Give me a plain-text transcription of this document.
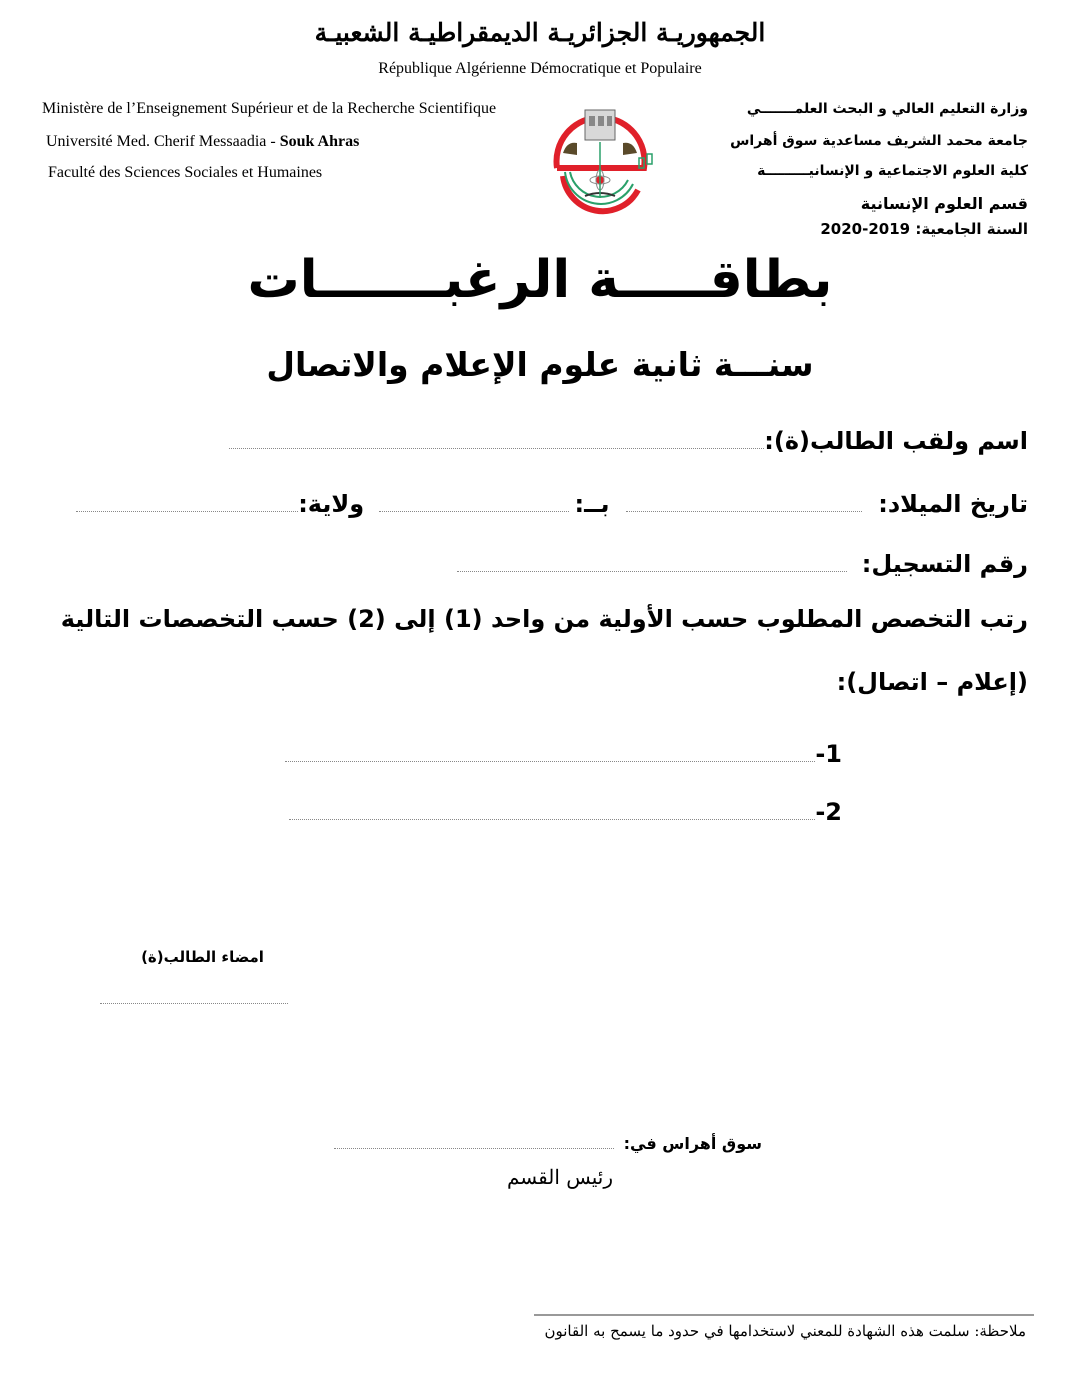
الجمهوريـة الجزائريـة الديمقراطيـة الشعبيـة
République Algérienne Démocratique et Populaire
Ministère de l’Enseignement Supérieur et de la Recherche Scientifique
Université Med. Cherif Messaadia - Souk Ahras
Faculté des Sciences Sociales et Humaines
وزارة التعليم العالي و البحث العلمـــــــي
جامعة محمد الشريف مساعدية سوق أهراس
كلية العلوم الاجتماعية و الإنسانيـــــــــة
قسم العلوم الإنسانية
السنة الجامعية: 2020-2019
بطاقـــــة الرغبـــــــات
سنـــة ثانية علوم الإعلام والاتصال
اسم ولقب الطالب(ة):
تاريخ الميلاد:  بــ: ولاية:
رقم التسجيل:
رتب التخصص المطلوب حسب الأولية من واحد (1) إلى (2) حسب التخصصات التالية
(إعلام – اتصال):
-1
-2
امضاء الطالب(ة)
سوق أهراس في:
رئيس القسم
ملاحظة: سلمت هذه الشهادة للمعني لاستخدامها في حدود ما يسمح به القانون
